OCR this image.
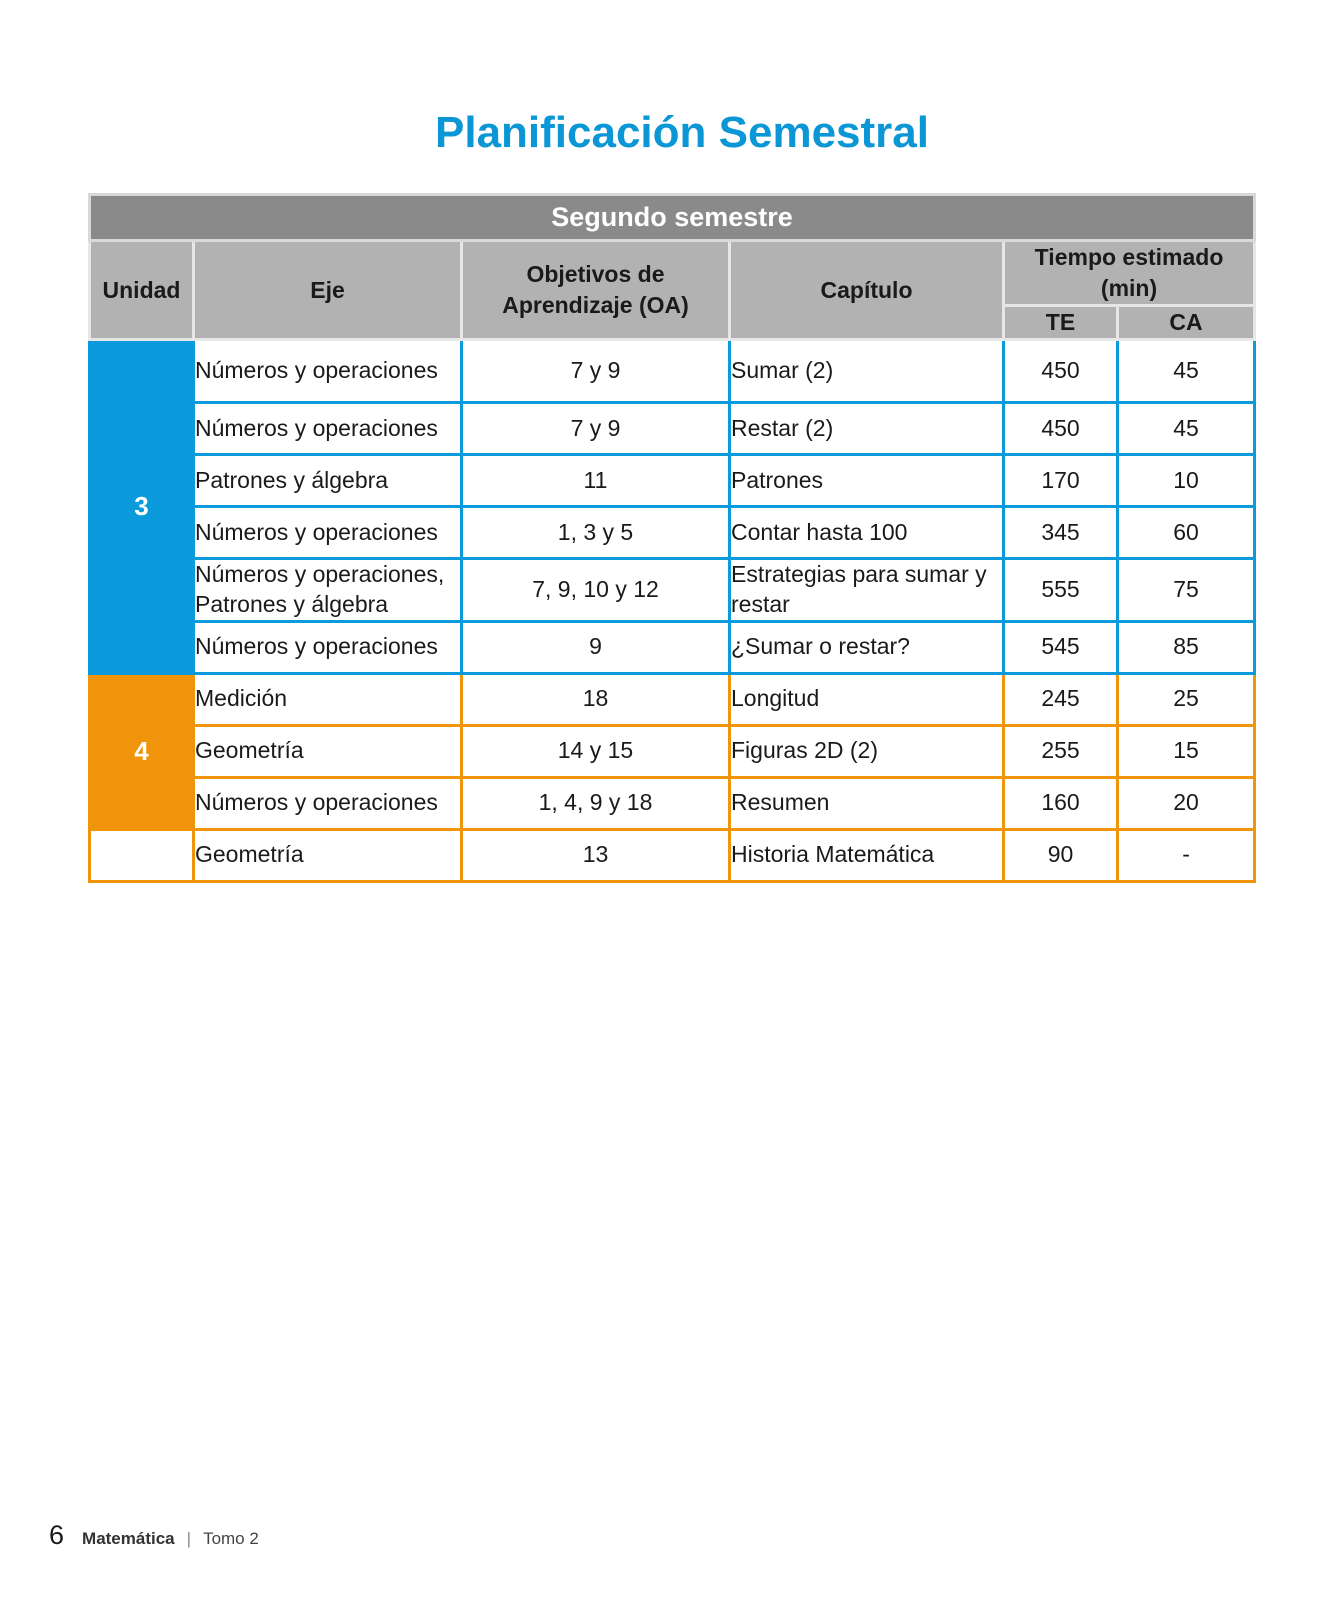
Planificación Semestral
Segundo semestre					
Unidad	Eje	Objetivos de Aprendizaje (OA)	Capítulo	Tiempo estimado (min)	
				TE	CA
3	Números y operaciones	7 y 9	Sumar (2)	450	45
	Números y operaciones	7 y 9	Restar (2)	450	45
	Patrones y álgebra	11	Patrones	170	10
	Números y operaciones	1, 3 y 5	Contar hasta 100	345	60
	Números y operaciones, Patrones y álgebra	7, 9, 10 y 12	Estrategias para sumar y restar	555	75
	Números y operaciones	9	¿Sumar o restar?	545	85
4	Medición	18	Longitud	245	25
	Geometría	14 y 15	Figuras 2D (2)	255	15
	Números y operaciones	1, 4, 9 y 18	Resumen	160	20
	Geometría	13	Historia Matemática	90	-
6 Matemática | Tomo 2
